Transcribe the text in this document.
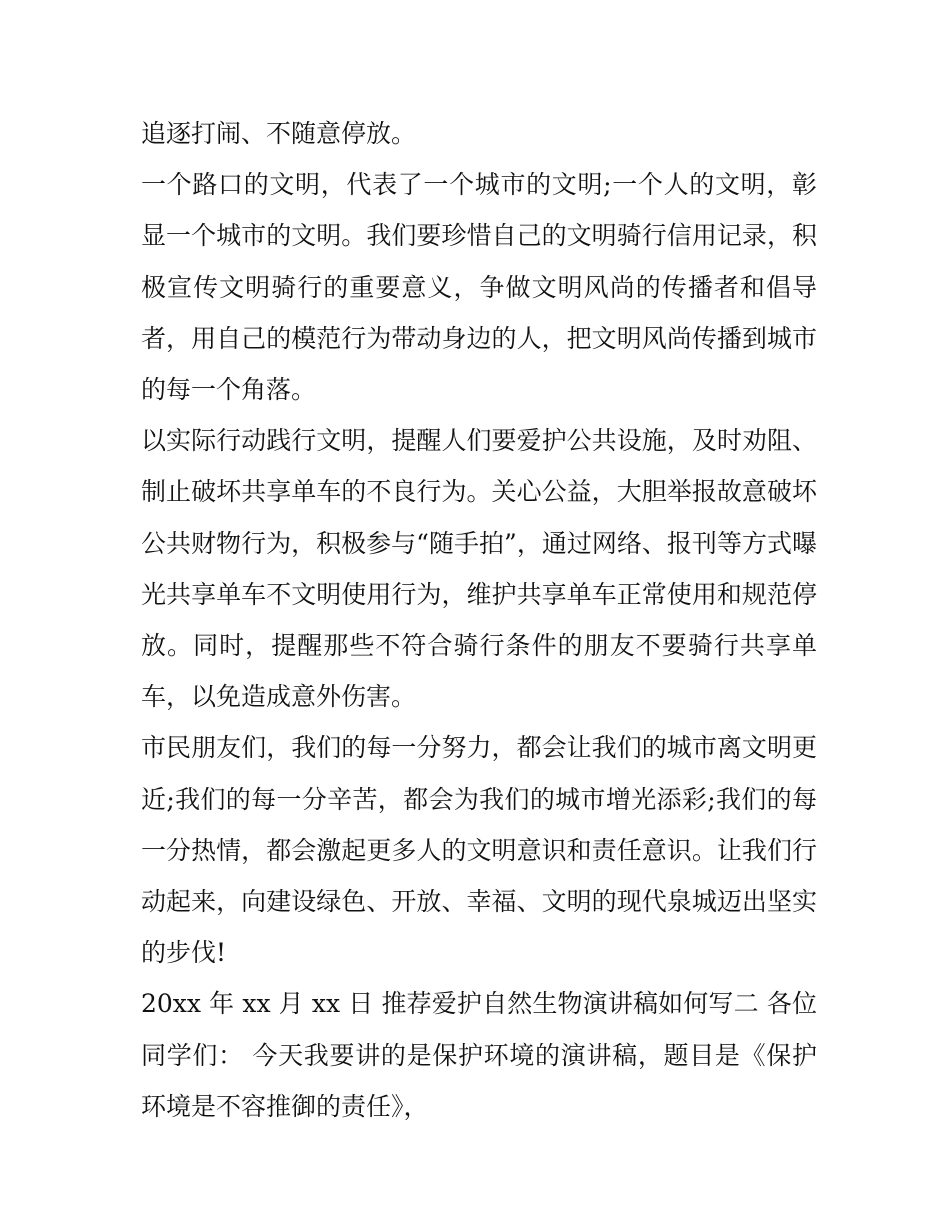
追逐打闹、不随意停放。

一个路口的文明，代表了一个城市的文明;一个人的文明，彰显一个城市的文明。我们要珍惜自己的文明骑行信用记录，积极宣传文明骑行的重要意义，争做文明风尚的传播者和倡导者，用自己的模范行为带动身边的人，把文明风尚传播到城市的每一个角落。

以实际行动践行文明，提醒人们要爱护公共设施，及时劝阻、制止破坏共享单车的不良行为。关心公益，大胆举报故意破坏公共财物行为，积极参与“随手拍”，通过网络、报刊等方式曝光共享单车不文明使用行为，维护共享单车正常使用和规范停放。同时，提醒那些不符合骑行条件的朋友不要骑行共享单车，以免造成意外伤害。

市民朋友们，我们的每一分努力，都会让我们的城市离文明更近;我们的每一分辛苦，都会为我们的城市增光添彩;我们的每一分热情，都会激起更多人的文明意识和责任意识。让我们行动起来，向建设绿色、开放、幸福、文明的现代泉城迈出坚实的步伐!

20xx 年 xx 月 xx 日 推荐爱护自然生物演讲稿如何写二 各位同学们： 今天我要讲的是保护环境的演讲稿，题目是《保护环境是不容推御的责任》，
